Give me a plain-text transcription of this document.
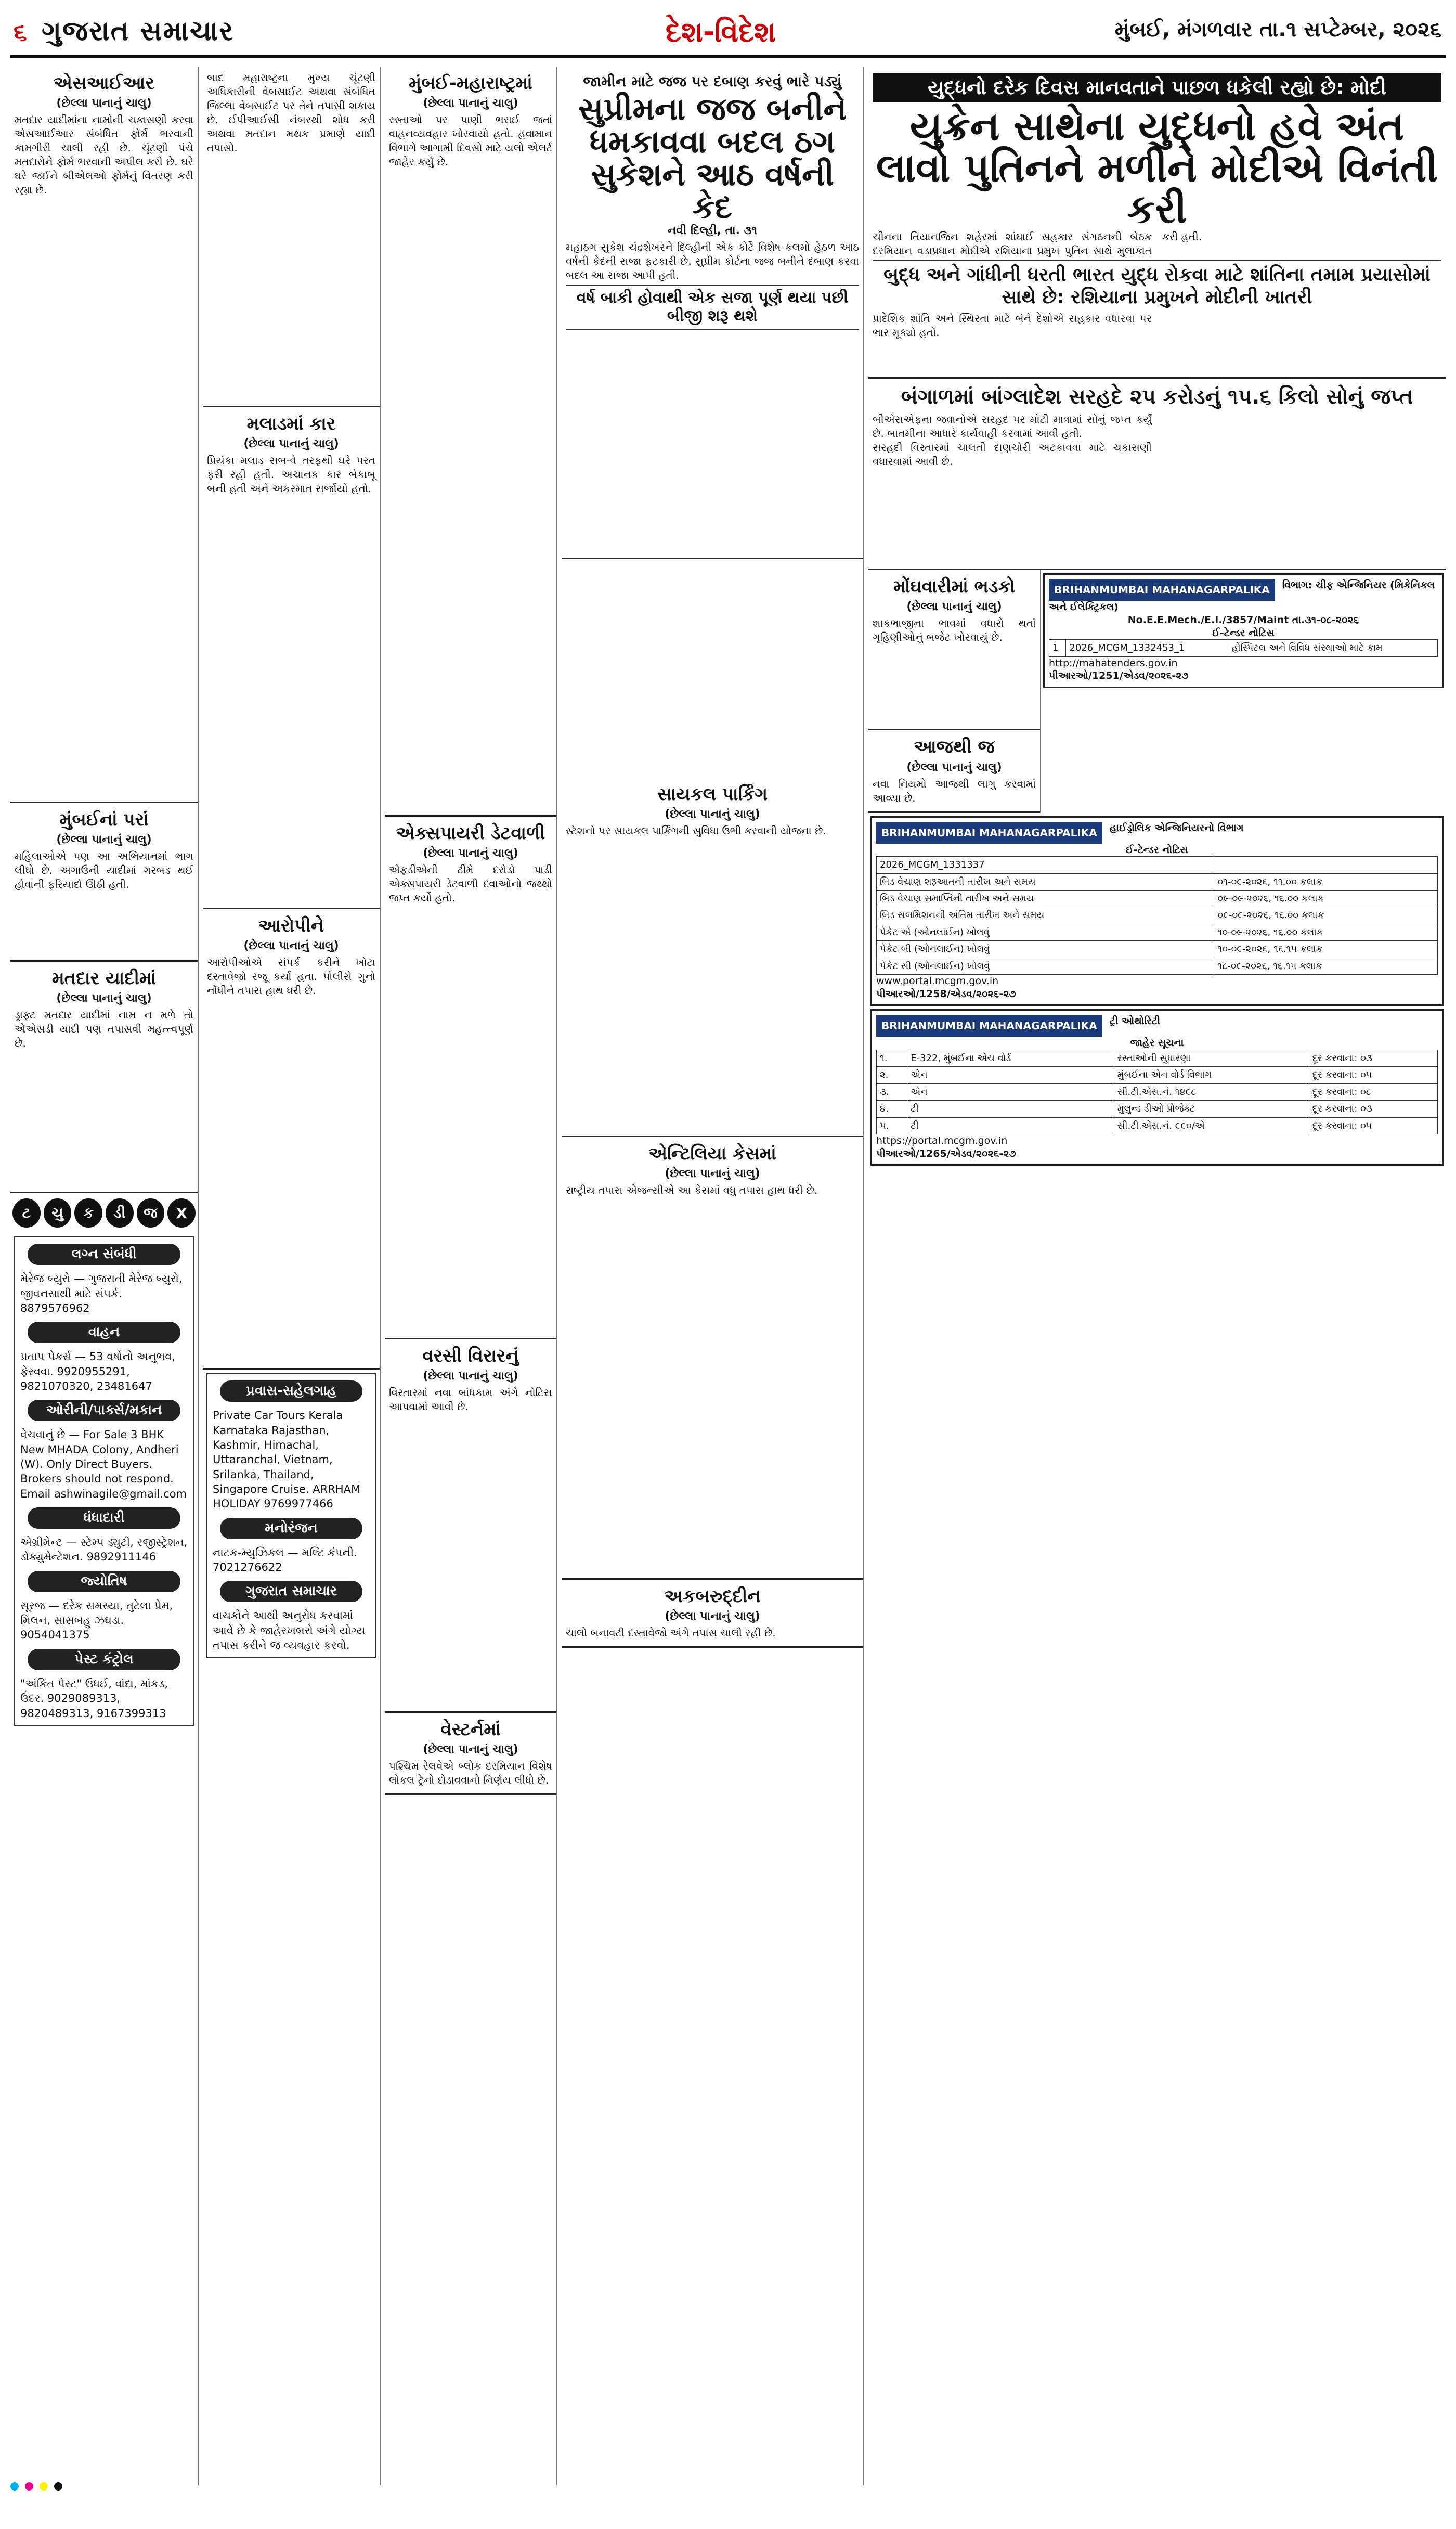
૬ ગુજરાત સમાચાર	દેશ-વિદેશ	મુંબઈ, મંગળવાર તા.૧ સપ્ટેમ્બર, ૨૦૨૬
એસઆઈઆર
(છેલ્લા પાનાનું ચાલુ)
મતદાર યાદીમાંના નામોની ચકાસણી કરવા એસઆઈઆર સંબંધિત ફોર્મ ભરવાની કામગીરી ચાલી રહી છે. ચૂંટણી પંચે મતદારોને ફોર્મ ભરવાની અપીલ કરી છે. ઘરે ઘરે જઈને બીએલઓ ફોર્મનું વિતરણ કરી રહ્યા છે.
મુંબઈનાં પરાં
(છેલ્લા પાનાનું ચાલુ)
મહિલાઓએ પણ આ અભિયાનમાં ભાગ લીધો છે. અગાઉની યાદીમાં ગરબડ થઈ હોવાની ફરિયાદો ઊઠી હતી.
મતદાર યાદીમાં
(છેલ્લા પાનાનું ચાલુ)
ડ્રાફ્ટ મતદાર યાદીમાં નામ ન મળે તો એએસડી યાદી પણ તપાસવી મહત્ત્વપૂર્ણ છે.
ટ	ચુ	ક	ડી	જ	X
લગ્ન સંબંધી
મેરેજ બ્યુરો — ગુજરાતી મેરેજ બ્યુરો, જીવનસાથી માટે સંપર્ક. 8879576962
વાહન
પ્રતાપ પેકર્સ — 53 વર્ષોનો અનુભવ, ફેરવવા. 9920955291, 9821070320, 23481647
ઓરીની/પાર્ક્સ/મકાન
વેચવાનું છે — For Sale 3 BHK New MHADA Colony, Andheri (W). Only Direct Buyers. Brokers should not respond. Email ashwinagile@gmail.com
ધંધાદારી
એગ્રીમેન્ટ — સ્ટેમ્પ ડ્યુટી, રજીસ્ટ્રેશન, ડોક્યુમેન્ટેશન. 9892911146
જ્યોતિષ
સૂરજ — દરેક સમસ્યા, તુટેલા પ્રેમ, મિલન, સાસબહુ ઝઘડા. 9054041375
પેસ્ટ કંટ્રોલ
"અંકિત પેસ્ટ" ઉધઈ, વાંદા, માંકડ, ઉંદર. 9029089313, 9820489313, 9167399313
બાદ મહારાષ્ટ્રના મુખ્ય ચૂંટણી અધિકારીની વેબસાઈટ અથવા સંબંધિત જિલ્લા વેબસાઈટ પર તેને તપાસી શકાય છે. ઈપીઆઈસી નંબરથી શોધ કરી અથવા મતદાન મથક પ્રમાણે યાદી તપાસો.
મલાડમાં કાર
(છેલ્લા પાનાનું ચાલુ)
પ્રિયંકા મલાડ સબ-વે તરફથી ઘરે પરત ફરી રહી હતી. અચાનક કાર બેકાબૂ બની હતી અને અકસ્માત સર્જાયો હતો.
આરોપીને
(છેલ્લા પાનાનું ચાલુ)
આરોપીઓએ સંપર્ક કરીને ખોટા દસ્તાવેજો રજૂ કર્યા હતા. પોલીસે ગુનો નોંધીને તપાસ હાથ ધરી છે.
પ્રવાસ-સહેલગાહ
Private Car Tours Kerala Karnataka Rajasthan, Kashmir, Himachal, Uttaranchal, Vietnam, Srilanka, Thailand, Singapore Cruise. ARRHAM HOLIDAY 9769977466
મનોરંજન
નાટક-મ્યુઝિકલ — મલ્ટિ કંપની. 7021276622
ગુજરાત સમાચાર
વાચકોને આથી અનુરોધ કરવામાં આવે છે કે જાહેરખબરો અંગે યોગ્ય તપાસ કરીને જ વ્યવહાર કરવો.
મુંબઈ-મહારાષ્ટ્રમાં
(છેલ્લા પાનાનું ચાલુ)
રસ્તાઓ પર પાણી ભરાઈ જતાં વાહનવ્યવહાર ખોરવાયો હતો. હવામાન વિભાગે આગામી દિવસો માટે યલો એલર્ટ જાહેર કર્યું છે.
એક્સપાયરી ડેટવાળી
(છેલ્લા પાનાનું ચાલુ)
એફડીએની ટીમે દરોડો પાડી એક્સપાયરી ડેટવાળી દવાઓનો જથ્થો જપ્ત કર્યો હતો.
વરસી વિરારનું
(છેલ્લા પાનાનું ચાલુ)
વિસ્તારમાં નવા બાંધકામ અંગે નોટિસ આપવામાં આવી છે.
વેસ્ટર્નમાં
(છેલ્લા પાનાનું ચાલુ)
પશ્ચિમ રેલવેએ બ્લોક દરમિયાન વિશેષ લોકલ ટ્રેનો દોડાવવાનો નિર્ણય લીધો છે.
જામીન માટે જજ પર દબાણ કરવું ભારે પડ્યું
સુપ્રીમના જજ બનીને ધમકાવવા બદલ ઠગ સુકેશને આઠ વર્ષની કેદ
નવી દિલ્હી, તા. ૩૧
મહાઠગ સુકેશ ચંદ્રશેખરને દિલ્હીની એક કોર્ટે વિશેષ કલમો હેઠળ આઠ વર્ષની કેદની સજા ફટકારી છે. સુપ્રીમ કોર્ટના જજ બનીને દબાણ કરવા બદલ આ સજા આપી હતી.
વર્ષ બાકી હોવાથી એક સજા પૂર્ણ થયા પછી બીજી શરૂ થશે
સાયકલ પાર્કિંગ
(છેલ્લા પાનાનું ચાલુ)
સ્ટેશનો પર સાયકલ પાર્કિંગની સુવિધા ઉભી કરવાની યોજના છે.
એન્ટિલિયા કેસમાં
(છેલ્લા પાનાનું ચાલુ)
રાષ્ટ્રીય તપાસ એજન્સીએ આ કેસમાં વધુ તપાસ હાથ ધરી છે.
અકબરુદ્દીન
(છેલ્લા પાનાનું ચાલુ)
ચાલો બનાવટી દસ્તાવેજો અંગે તપાસ ચાલી રહી છે.
યુદ્ધનો દરેક દિવસ માનવતાને પાછળ ધકેલી રહ્યો છે: મોદી
યુક્રેન સાથેના યુદ્ધનો હવે અંત લાવો પુતિનને મળીને મોદીએ વિનંતી કરી
ચીનના તિયાનજિન શહેરમાં શાંઘાઈ સહકાર સંગઠનની બેઠક દરમિયાન વડાપ્રધાન મોદીએ રશિયાના પ્રમુખ પુતિન સાથે મુલાકાત કરી હતી.
બુદ્ધ અને ગાંધીની ધરતી ભારત યુદ્ધ રોકવા માટે શાંતિના તમામ પ્રયાસોમાં સાથે છે: રશિયાના પ્રમુખને મોદીની ખાતરી
પ્રાદેશિક શાંતિ અને સ્થિરતા માટે બંને દેશોએ સહકાર વધારવા પર ભાર મૂક્યો હતો.
બંગાળમાં બાંગ્લાદેશ સરહદે ૨૫ કરોડનું ૧૫.૬ કિલો સોનું જપ્ત
બીએસએફના જવાનોએ સરહદ પર મોટી માત્રામાં સોનું જપ્ત કર્યું છે. બાતમીના આધારે કાર્યવાહી કરવામાં આવી હતી.
સરહદી વિસ્તારમાં ચાલતી દાણચોરી અટકાવવા માટે ચકાસણી વધારવામાં આવી છે.
મોંઘવારીમાં ભડકો
(છેલ્લા પાનાનું ચાલુ)
શાકભાજીના ભાવમાં વધારો થતાં ગૃહિણીઓનું બજેટ ખોરવાયું છે.
આજથી જ
(છેલ્લા પાનાનું ચાલુ)
નવા નિયમો આજથી લાગુ કરવામાં આવ્યા છે.
BRIHANMUMBAI MAHANAGARPALIKA વિભાગ: ચીફ એન્જિનિયર (મિકેનિકલ અને ઈલેક્ટ્રિકલ)
No.E.E.Mech./E.I./3857/Maint તા.૩૧-૦૮-૨૦૨૬
ઈ-ટેન્ડર નોટિસ
1	2026_MCGM_1332453_1	હોસ્પિટલ અને વિવિધ સંસ્થાઓ માટે કામ
http://mahatenders.gov.in
પીઆરઓ/1251/એડવ/૨૦૨૬-૨૭
BRIHANMUMBAI MAHANAGARPALIKA હાઈડ્રોલિક એન્જિનિયરનો વિભાગ
ઈ-ટેન્ડર નોટિસ
2026_MCGM_1331337	
બિડ વેચાણ શરૂઆતની તારીખ અને સમય	૦૧-૦૯-૨૦૨૬, ૧૧.૦૦ કલાક
બિડ વેચાણ સમાપ્તિની તારીખ અને સમય	૦૯-૦૯-૨૦૨૬, ૧૬.૦૦ કલાક
બિડ સબમિશનની અંતિમ તારીખ અને સમય	૦૯-૦૯-૨૦૨૬, ૧૬.૦૦ કલાક
પેકેટ એ (ઓનલાઈન) ખોલવું	૧૦-૦૯-૨૦૨૬, ૧૬.૦૦ કલાક
પેકેટ બી (ઓનલાઈન) ખોલવું	૧૦-૦૯-૨૦૨૬, ૧૬.૧૫ કલાક
પેકેટ સી (ઓનલાઈન) ખોલવું	૧૮-૦૯-૨૦૨૬, ૧૬.૧૫ કલાક
www.portal.mcgm.gov.in
પીઆરઓ/1258/એડવ/૨૦૨૬-૨૭
BRIHANMUMBAI MAHANAGARPALIKA ટ્રી ઓથોરિટી
જાહેર સૂચના
૧.	E-322, મુંબઈના એચ વોર્ડ	રસ્તાઓની સુધારણા	દૂર કરવાના: ૦૩
૨.	એન	મુંબઈના એન વોર્ડ વિભાગ	દૂર કરવાના: ૦૫
૩.	એન	સી.ટી.એસ.નં. ૧૪૯૮	દૂર કરવાના: ૦૮
૪.	ટી	મુલુન્ડ ડીઓ પ્રોજેક્ટ	દૂર કરવાના: ૦૩
૫.	ટી	સી.ટી.એસ.નં. ૯૯૦/એ	દૂર કરવાના: ૦૫
https://portal.mcgm.gov.in
પીઆરઓ/1265/એડવ/૨૦૨૬-૨૭
